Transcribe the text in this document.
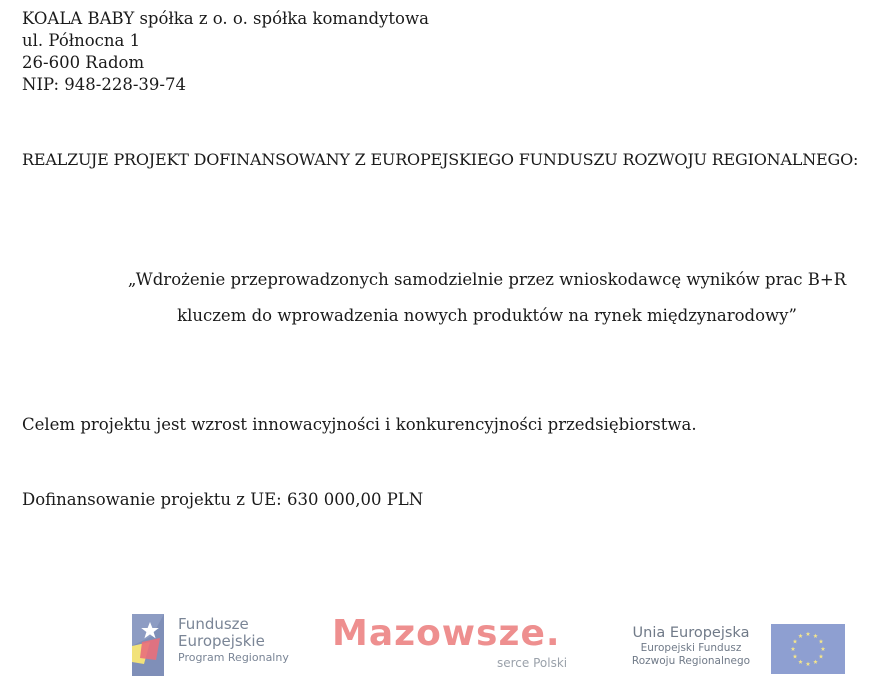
KOALA BABY spółka z o. o. spółka komandytowa
ul. Północna 1
26-600 Radom
NIP: 948-228-39-74
REALZUJE PROJEKT DOFINANSOWANY Z EUROPEJSKIEGO FUNDUSZU ROZWOJU REGIONALNEGO:
„Wdrożenie przeprowadzonych samodzielnie przez wnioskodawcę wyników prac B+R
kluczem do wprowadzenia nowych produktów na rynek międzynarodowy”
Celem projektu jest wzrost innowacyjności i konkurencyjności przedsiębiorstwa.
Dofinansowanie projektu z UE: 630 000,00 PLN
Fundusze
Europejskie
Program Regionalny
Mazowsze.
serce Polski
Unia Europejska
Europejski Fundusz
Rozwoju Regionalnego
